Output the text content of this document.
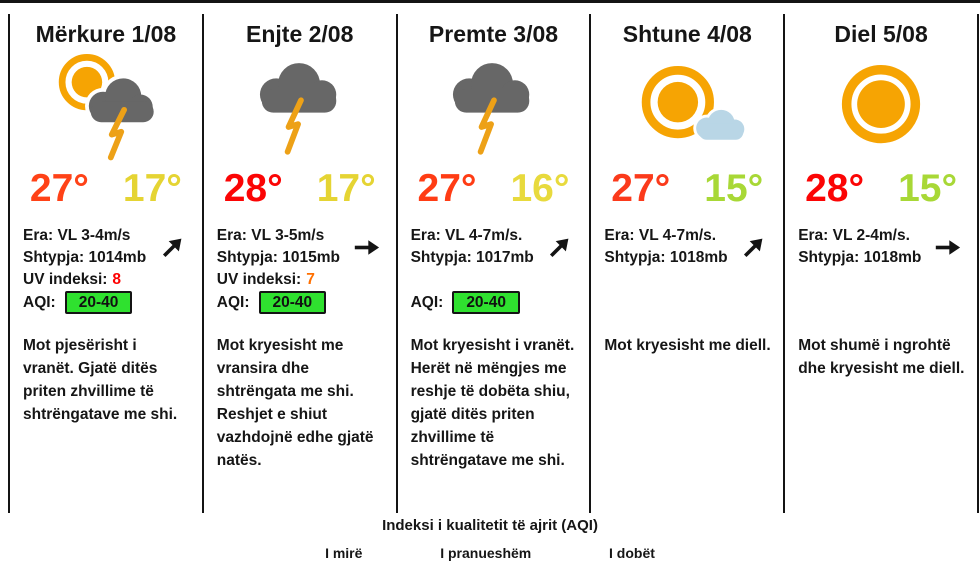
Mërkure 1/08
27° 17°
Era: VL 3-4m/s
Shtypja: 1014mb
UV indeksi: 8
AQI: 20-40
Mot pjesërisht i vranët. Gjatë ditës priten zhvillime të shtrëngatave me shi.
Enjte 2/08
28° 17°
Era: VL 3-5m/s
Shtypja: 1015mb
UV indeksi: 7
AQI: 20-40
Mot kryesisht me vransira dhe shtrëngata me shi. Reshjet e shiut vazhdojnë edhe gjatë natës.
Premte 3/08
27° 16°
Era: VL 4-7m/s.
Shtypja: 1017mb
AQI: 20-40
Mot kryesisht i vranët. Herët në mëngjes me reshje të dobëta shiu, gjatë ditës priten zhvillime të shtrëngatave me shi.
Shtune 4/08
27° 15°
Era: VL 4-7m/s.
Shtypja: 1018mb
Mot kryesisht me diell.
Diel 5/08
28° 15°
Era: VL 2-4m/s.
Shtypja: 1018mb
Mot shumë i ngrohtë dhe kryesisht me diell.
Indeksi i kualitetit të ajrit (AQI)
I mirë                    I pranueshëm                    I dobët
